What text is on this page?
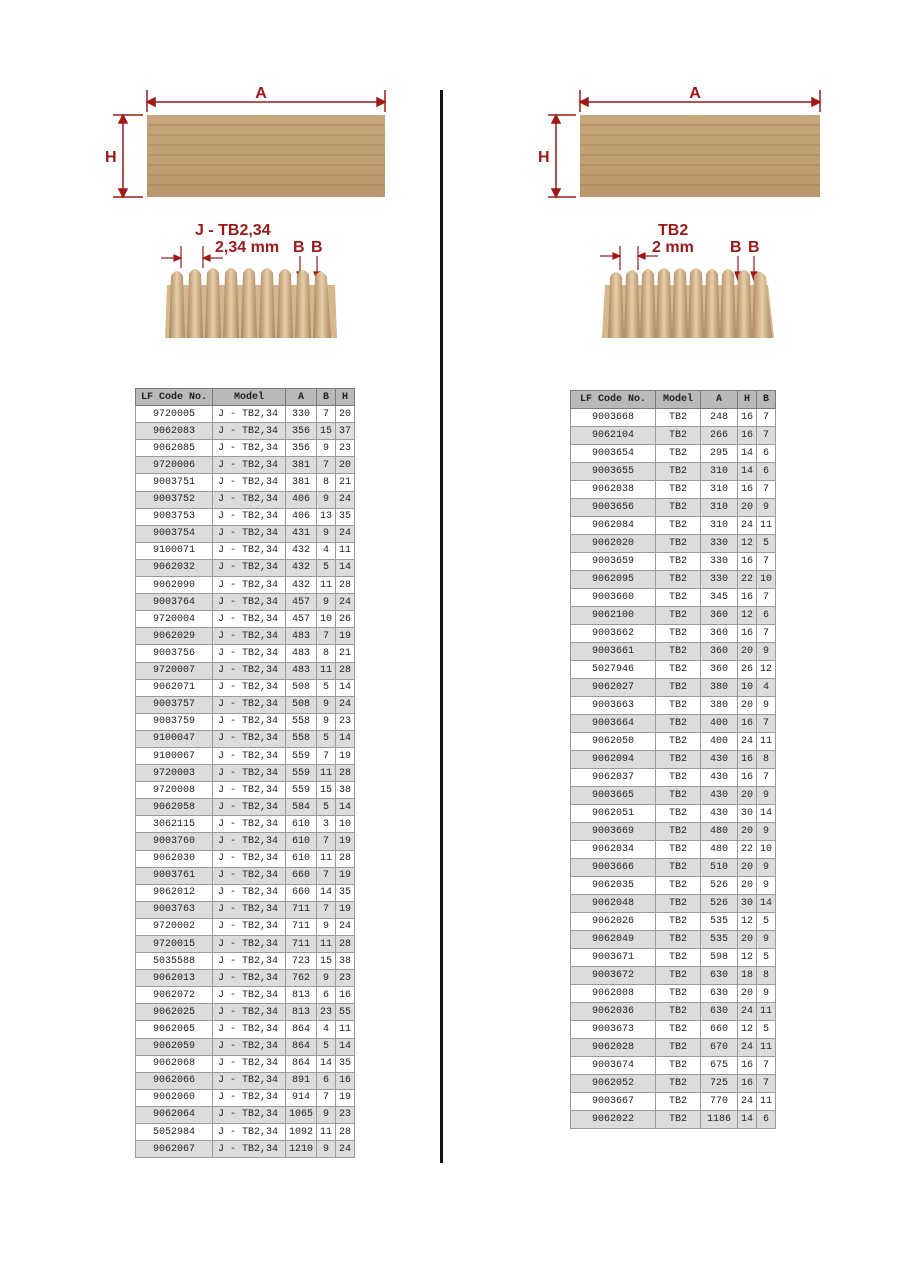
A
H
J - TB2,34
2,34 mm B B
A
H
TB2
2 mm B B
LF Code No.	Model	A	B	H
9720005	J - TB2,34	330	7	20
9062083	J - TB2,34	356	15	37
9062085	J - TB2,34	356	9	23
9720006	J - TB2,34	381	7	20
9003751	J - TB2,34	381	8	21
9003752	J - TB2,34	406	9	24
9003753	J - TB2,34	406	13	35
9003754	J - TB2,34	431	9	24
9100071	J - TB2,34	432	4	11
9062032	J - TB2,34	432	5	14
9062090	J - TB2,34	432	11	28
9003764	J - TB2,34	457	9	24
9720004	J - TB2,34	457	10	26
9062029	J - TB2,34	483	7	19
9003756	J - TB2,34	483	8	21
9720007	J - TB2,34	483	11	28
9062071	J - TB2,34	508	5	14
9003757	J - TB2,34	508	9	24
9003759	J - TB2,34	558	9	23
9100047	J - TB2,34	558	5	14
9100067	J - TB2,34	559	7	19
9720003	J - TB2,34	559	11	28
9720008	J - TB2,34	559	15	38
9062058	J - TB2,34	584	5	14
3062115	J - TB2,34	610	3	10
9003760	J - TB2,34	610	7	19
9062030	J - TB2,34	610	11	28
9003761	J - TB2,34	660	7	19
9062012	J - TB2,34	660	14	35
9003763	J - TB2,34	711	7	19
9720002	J - TB2,34	711	9	24
9720015	J - TB2,34	711	11	28
5035588	J - TB2,34	723	15	38
9062013	J - TB2,34	762	9	23
9062072	J - TB2,34	813	6	16
9062025	J - TB2,34	813	23	55
9062065	J - TB2,34	864	4	11
9062059	J - TB2,34	864	5	14
9062068	J - TB2,34	864	14	35
9062066	J - TB2,34	891	6	16
9062060	J - TB2,34	914	7	19
9062064	J - TB2,34	1065	9	23
5052984	J - TB2,34	1092	11	28
9062067	J - TB2,34	1210	9	24
LF Code No.	Model	A	H	B
9003668	TB2	248	16	7
9062104	TB2	266	16	7
9003654	TB2	295	14	6
9003655	TB2	310	14	6
9062038	TB2	310	16	7
9003656	TB2	310	20	9
9062084	TB2	310	24	11
9062020	TB2	330	12	5
9003659	TB2	330	16	7
9062095	TB2	330	22	10
9003660	TB2	345	16	7
9062100	TB2	360	12	6
9003662	TB2	360	16	7
9003661	TB2	360	20	9
5027946	TB2	360	26	12
9062027	TB2	380	10	4
9003663	TB2	380	20	9
9003664	TB2	400	16	7
9062050	TB2	400	24	11
9062094	TB2	430	16	8
9062037	TB2	430	16	7
9003665	TB2	430	20	9
9062051	TB2	430	30	14
9003669	TB2	480	20	9
9062034	TB2	480	22	10
9003666	TB2	510	20	9
9062035	TB2	526	20	9
9062048	TB2	526	30	14
9062026	TB2	535	12	5
9062049	TB2	535	20	9
9003671	TB2	598	12	5
9003672	TB2	630	18	8
9062008	TB2	630	20	9
9062036	TB2	630	24	11
9003673	TB2	660	12	5
9062028	TB2	670	24	11
9003674	TB2	675	16	7
9062052	TB2	725	16	7
9003667	TB2	770	24	11
9062022	TB2	1186	14	6
